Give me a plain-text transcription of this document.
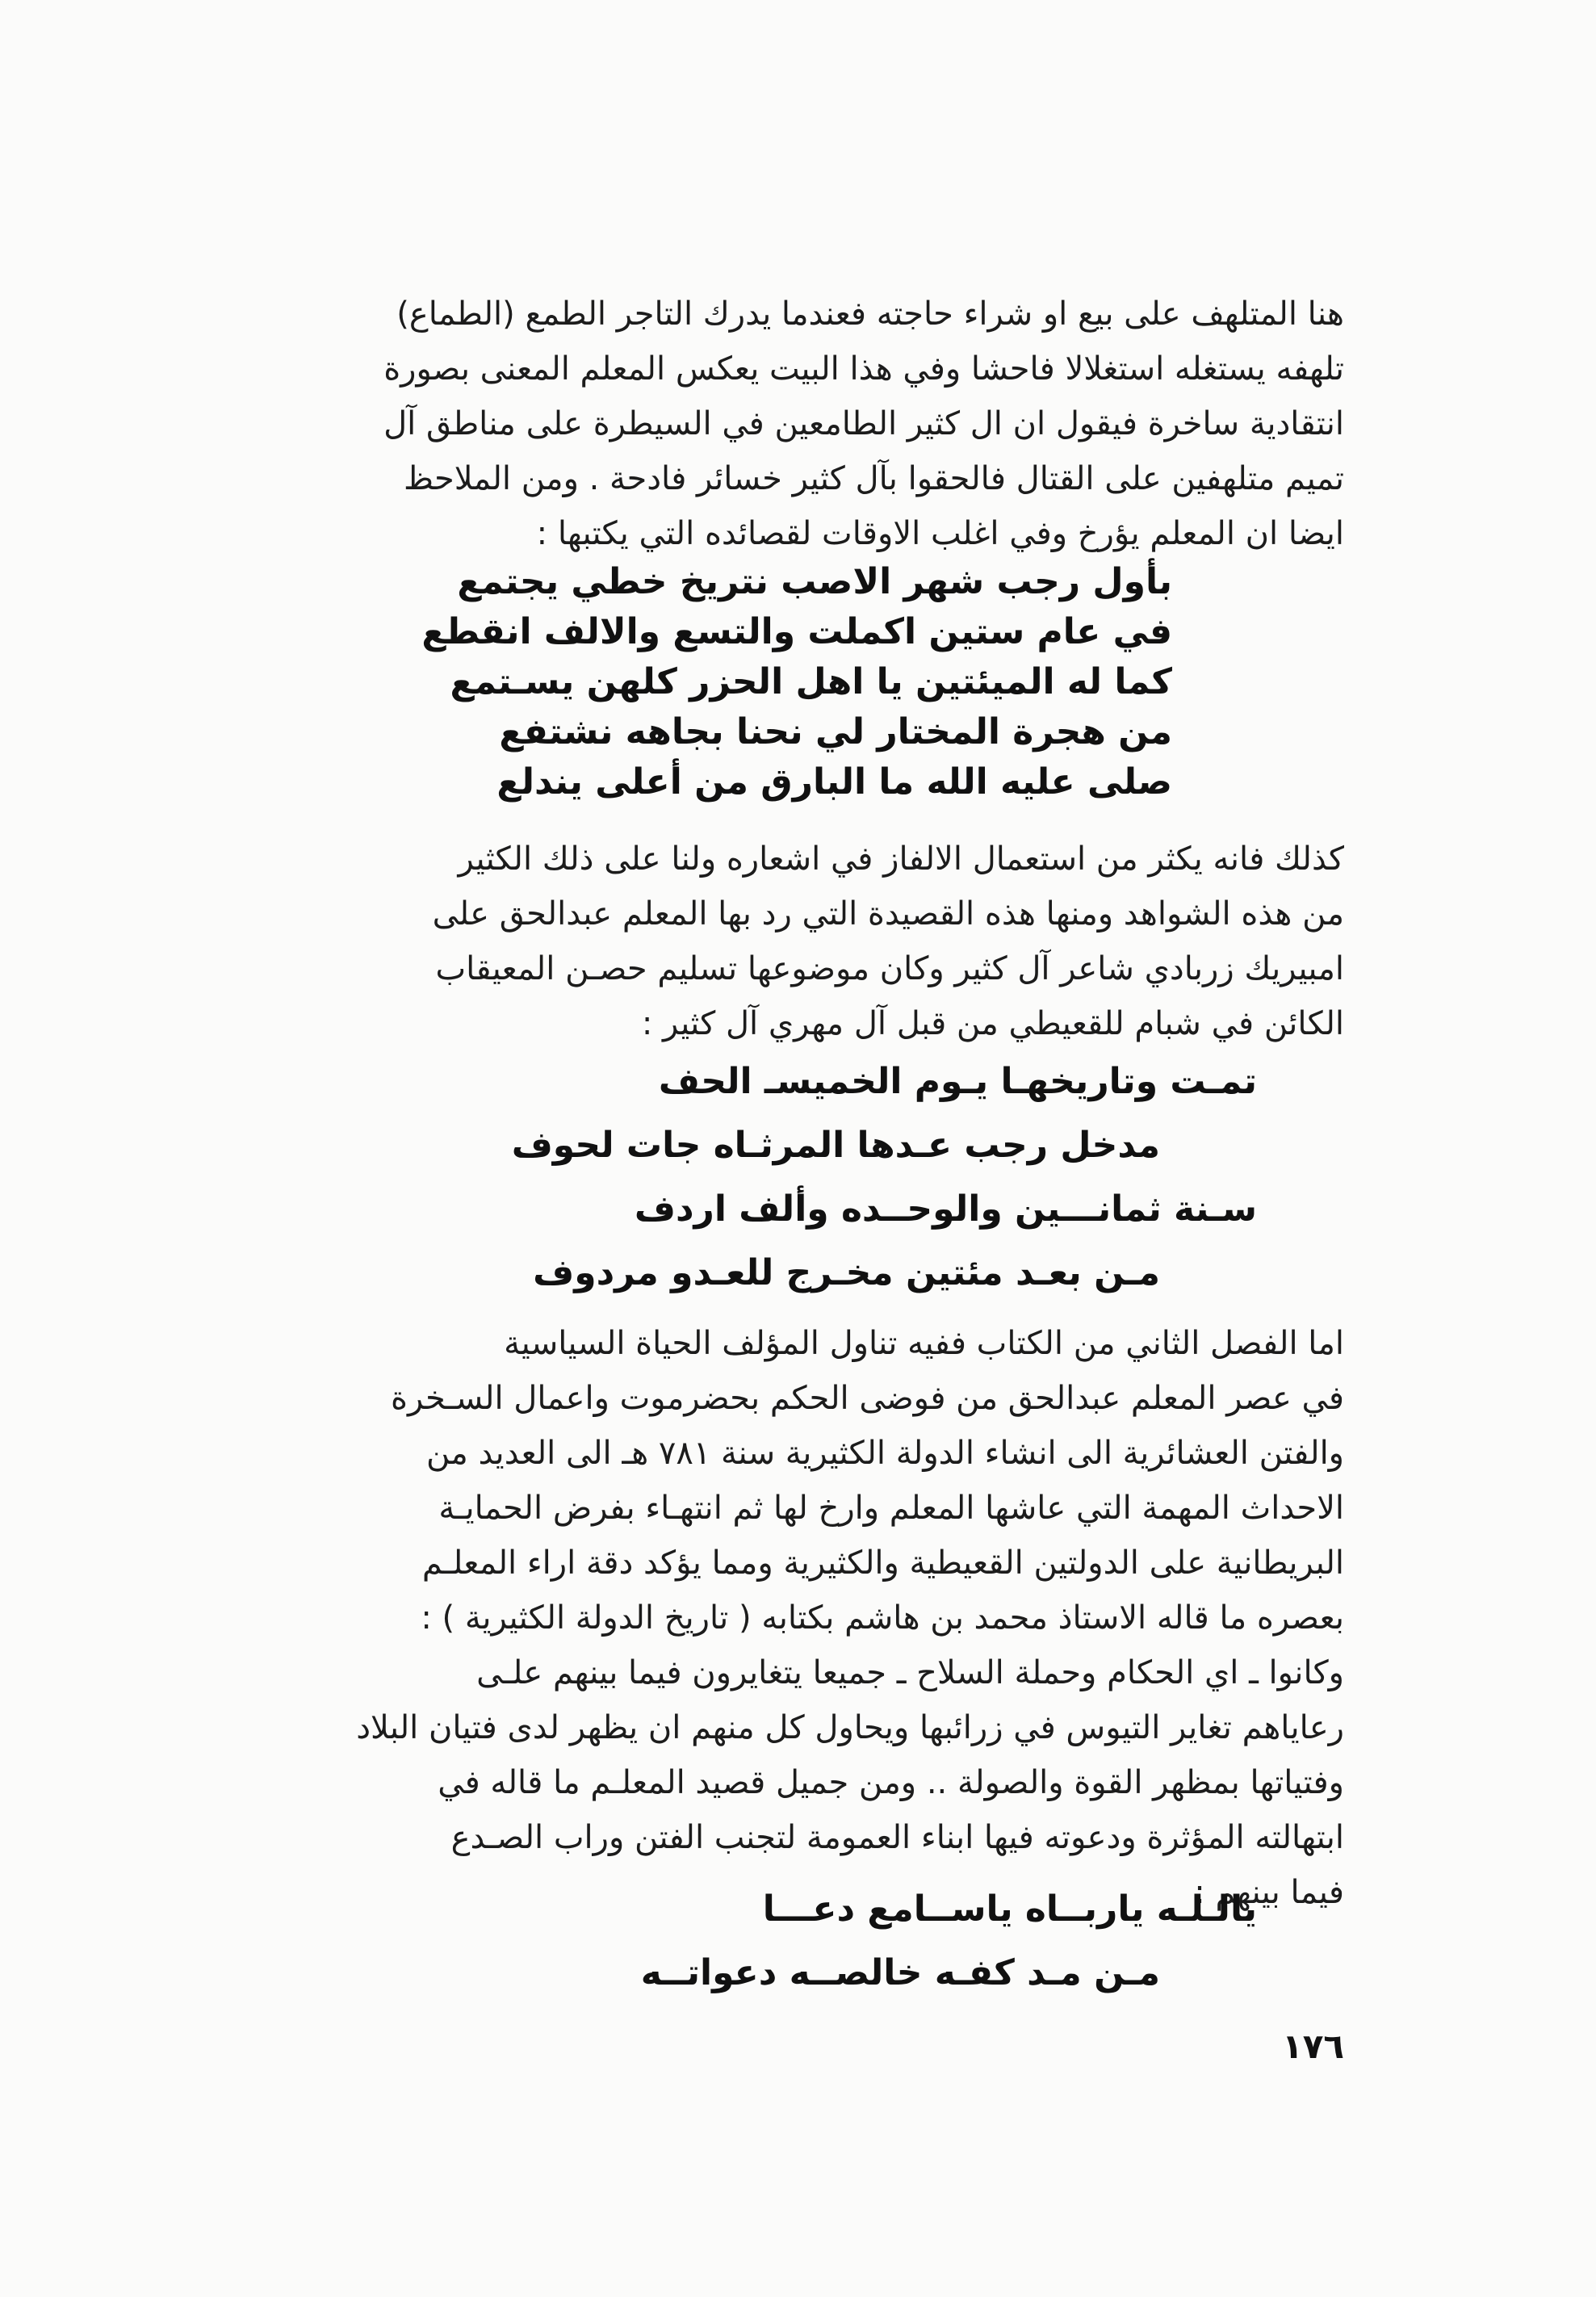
هنا المتلهف على بيع او شراء حاجته فعندما يدرك التاجر الطمع (الطماع)
تلهفه يستغله استغلالا فاحشا وفي هذا البيت يعكس المعلم المعنى بصورة
انتقادية ساخرة فيقول ان ال كثير الطامعين في السيطرة على مناطق آل
تميم متلهفين على القتال فالحقوا بآل كثير خسائر فادحة . ومن الملاحظ
ايضا ان المعلم يؤرخ وفي اغلب الاوقات لقصائده التي يكتبها :
بأول رجب شهر الاصب نتريخ خطي يجتمع
في عام ستين اكملت والتسع والالف انقطع
كما له الميئتين يا اهل الحزر كلهن يسـتمع
من هجرة المختار لي نحنا بجاهه نشتفع
صلى عليه الله ما البارق من أعلى يندلع
كذلك فانه يكثر من استعمال الالفاز في اشعاره ولنا على ذلك الكثير
من هذه الشواهد ومنها هذه القصيدة التي رد بها المعلم عبدالحق على
امبيريك زربادي شاعر آل كثير وكان موضوعها تسليم حصـن المعيقاب
الكائن في شبام للقعيطي من قبل آل مهري آل كثير :
تمـت وتاريخهـا يـوم الخميسـ الحف
مدخل رجب عـدها المرثـاه جات لحوف
سـنة ثمانـــين والوحــده وألف اردف
مـن بعـد مئتين مخـرج للعـدو مردوف
اما الفصل الثاني من الكتاب ففيه تناول المؤلف الحياة السياسية
في عصر المعلم عبدالحق من فوضى الحكم بحضرموت واعمال السـخرة
والفتن العشائرية الى انشاء الدولة الكثيرية سنة ٧٨١ هـ الى العديد من
الاحداث المهمة التي عاشها المعلم وارخ لها ثم انتهـاء بفرض الحمايـة
البريطانية على الدولتين القعيطية والكثيرية ومما يؤكد دقة اراء المعلـم
بعصره ما قاله الاستاذ محمد بن هاشم بكتابه ( تاريخ الدولة الكثيرية ) :
وكانوا ـ اي الحكام وحملة السلاح ـ جميعا يتغايرون فيما بينهم علـى
رعاياهم تغاير التيوس في زرائبها ويحاول كل منهم ان يظهر لدى فتيان البلاد
وفتياتها بمظهر القوة والصولة .. ومن جميل قصيد المعلـم ما قاله في
ابتهالته المؤثرة ودعوته فيها ابناء العمومة لتجنب الفتن وراب الصـدع
فيما بينهم :
يالـلـه ياربــاه ياســامع دعـــا
مـن مـد كفـه خالصــه دعواتــه
١٧٦
